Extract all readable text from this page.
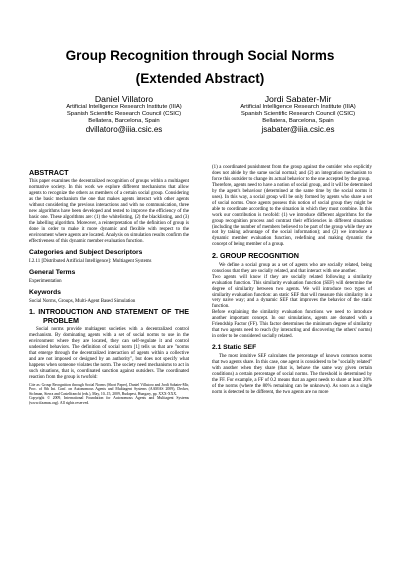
Group Recognition through Social Norms
(Extended Abstract)
Daniel Villatoro
Artificial Intelligence Research Institute (IIIA)
Spanish Scientific Research Council (CSIC)
Bellatera, Barcelona, Spain
dvillatoro@iiia.csic.es
Jordi Sabater-Mir
Artificial Intelligence Research Institute (IIIA)
Spanish Scientific Research Council (CSIC)
Bellatera, Barcelona, Spain
jsabater@iiia.csic.es
ABSTRACT

This paper examines the decentralized recognition of groups within a multiagent normative society. In this work we explore different mechanisms that allow agents to recognize the others as members of a certain social group. Considering as the basic mechanism the one that makes agents interact with other agents without considering the previous interactions and with no communication, three new algorithms have been developed and tested to improve the efficiency of the basic one. These algorithms are: (1) the whitelisting, (2) the blacklisting, and (3) the labelling algorithm. Moreover, a reinterpretation of the definition of group is done in order to make it more dynamic and flexible with respect to the environment where agents are located. Analysis on simulation results confirm the effectiveness of this dynamic member evaluation function.

Categories and Subject Descriptors

I.2.11 [Distributed Artificial Intelligence]: Multiagent Systems

General Terms

Experimentation

Keywords

Social Norms, Groups, Multi-Agent Based Simulation

1. INTRODUCTION AND STATEMENT OF THE PROBLEM

Social norms provide multiagent societies with a decentralized control mechanism. By dominating agents with a set of social norms to use in the environment where they are located, they can self-regulate it and control undesired behaviors. The definition of social norm [1] tells us that are "norms that emerge through the decentralized interaction of agents within a collective and are not imposed or designed by an authority", but does not specify what happens when someone violates the norm. The society need mechanisms to act in such situations, that is, coordinated sanction against outsiders. The coordinated reaction from the group is twofold:

Cite as: Group Recognition through Social Norms (Short Paper), Daniel Villatoro and Jordi Sabater-Mir, Proc. of 8th Int. Conf. on Autonomous Agents and Multiagent Systems (AAMAS 2009), Decker, Sichman, Sierra and Castelfranchi (eds.), May, 10–15, 2009, Budapest, Hungary, pp. XXX-XXX.
Copyright © 2009, International Foundation for Autonomous Agents and Multiagent Systems (www.ifaamas.org). All rights reserved.

(1) a coordinated punishment from the group against the outsider who explicitly does not abide by the same social normal; and (2) an integration mechanism to force this outsider to change its actual behavior to the one accepted by the group.

Therefore, agents need to have a notion of social group, and it will be determined by the agent's behaviour (determined at the same time by the social norms it uses). In this way, a social group will be only formed by agents who share a set of social norms. Once agents possess this notion of social group they might be able to coordinate according to the situation in which they must combine. In this work our contribution is twofold: (1) we introduce different algorithms for the group recognition process and contrast their efficiencies in different situations (including the number of members believed to be part of the group while they are not by taking advantage of the social information); and (2) we introduce a dynamic member evaluation function, redefining and making dynamic the concept of being member of a group.

2. GROUP RECOGNITION

We define a social group as a set of agents who are socially related, being conscious that they are socially related, and that interact with one another.

Two agents will know if they are socially related following a similarity evaluation function. This similarity evaluation function (SEF) will determine the degree of similarity between two agents. We will introduce two types of similarity evaluation function: an static SEF that will measure this similarity in a very naive way; and a dynamic SEF that improves the behavior of the static function.

Before explaining the similarity evaluation functions we need to introduce another important concept. In our simulations, agents are donated with a Friendship Factor (FF). This factor determines the minimum degree of similarity that two agents need to reach (by interacting and discovering the others' norms) in order to be considered socially related.

2.1 Static SEF

The most intuitive SEF calculates the percentage of known common norms that two agents share. In this case, one agent is considered to be "socially related" with another when they share (that is, behave the same way given certain conditions) a certain percentage of social norms. The threshold is determined by the FF. For example, a FF of 0.2 means that an agent needs to share at least 20% of the norms (where the 80% remaining can be unknown). As soon as a single norm is detected to be different, the two agents are no more
